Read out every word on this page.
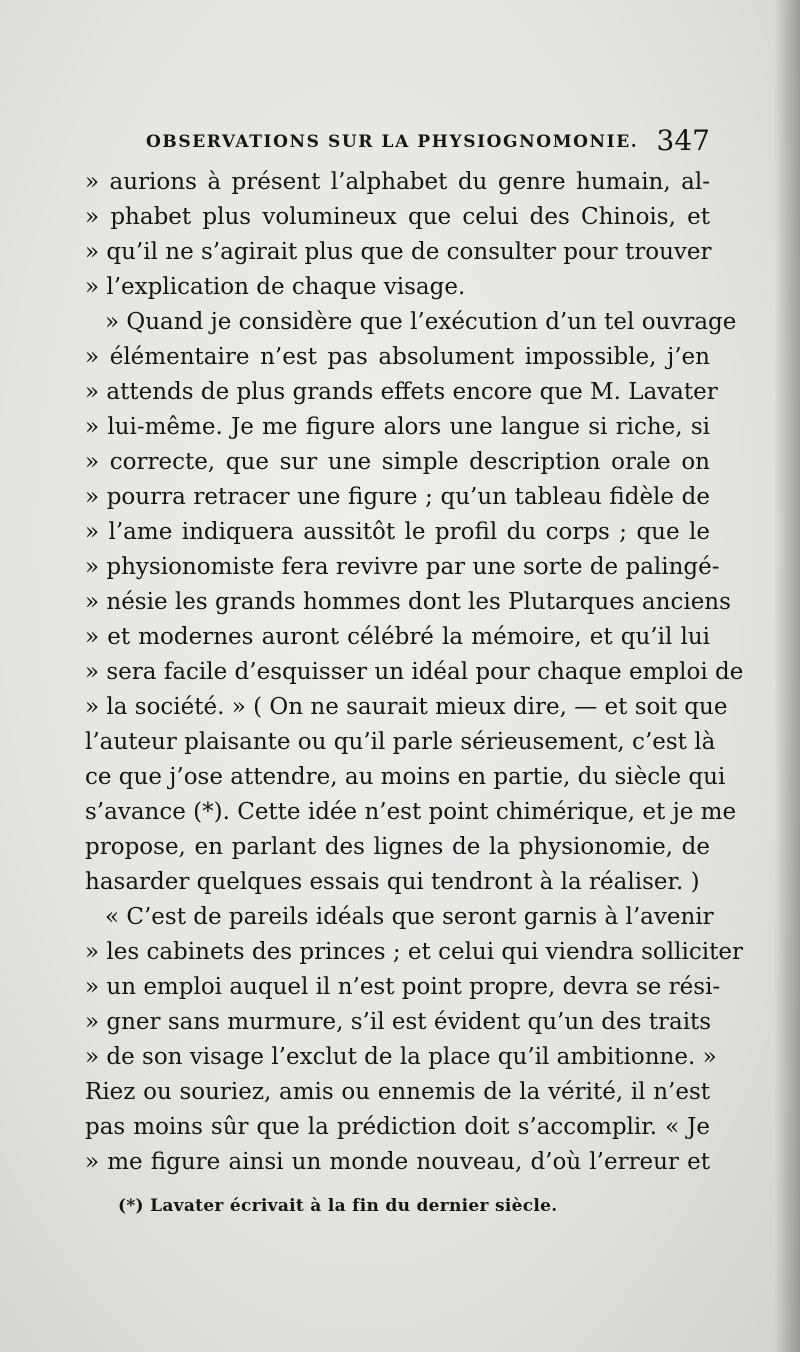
OBSERVATIONS SUR LA PHYSIOGNOMONIE. 347
» aurions à présent l’alphabet du genre humain, al-
» phabet plus volumineux que celui des Chinois, et
» qu’il ne s’agirait plus que de consulter pour trouver
» l’explication de chaque visage.
» Quand je considère que l’exécution d’un tel ouvrage
» élémentaire n’est pas absolument impossible, j’en
» attends de plus grands effets encore que M. Lavater
» lui-même. Je me figure alors une langue si riche, si
» correcte, que sur une simple description orale on
» pourra retracer une figure ; qu’un tableau fidèle de
» l’ame indiquera aussitôt le profil du corps ; que le
» physionomiste fera revivre par une sorte de palingé-
» nésie les grands hommes dont les Plutarques anciens
» et modernes auront célébré la mémoire, et qu’il lui
» sera facile d’esquisser un idéal pour chaque emploi de
» la société. » ( On ne saurait mieux dire, — et soit que
l’auteur plaisante ou qu’il parle sérieusement, c’est là
ce que j’ose attendre, au moins en partie, du siècle qui
s’avance (*). Cette idée n’est point chimérique, et je me
propose, en parlant des lignes de la physionomie, de
hasarder quelques essais qui tendront à la réaliser. )
« C’est de pareils idéals que seront garnis à l’avenir
» les cabinets des princes ; et celui qui viendra solliciter
» un emploi auquel il n’est point propre, devra se rési-
» gner sans murmure, s’il est évident qu’un des traits
» de son visage l’exclut de la place qu’il ambitionne. »
Riez ou souriez, amis ou ennemis de la vérité, il n’est
pas moins sûr que la prédiction doit s’accomplir. « Je
» me figure ainsi un monde nouveau, d’où l’erreur et
(*) Lavater écrivait à la fin du dernier siècle.
